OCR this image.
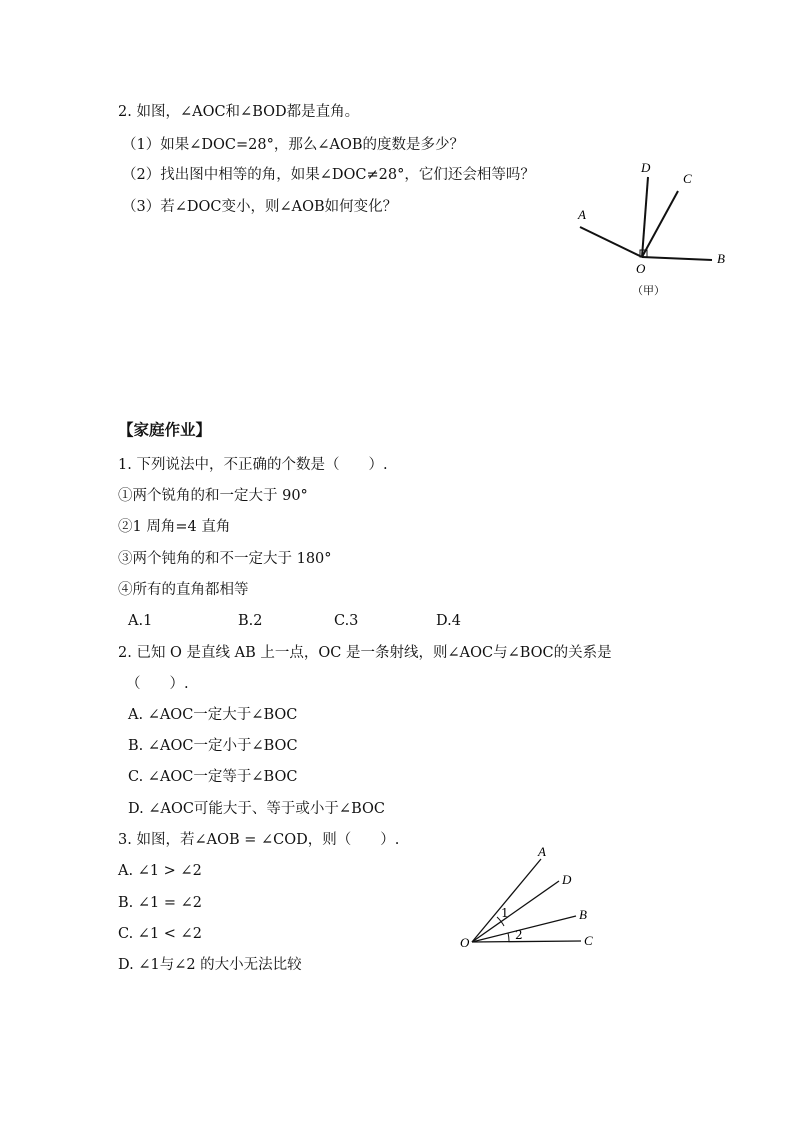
2. 如图，∠AOC和∠BOD都是直角。
（1）如果∠DOC=28°，那么∠AOB的度数是多少？
（2）找出图中相等的角，如果∠DOC≠28°，它们还会相等吗？
（3）若∠DOC变小，则∠AOB如何变化？
D
C
A
B
O
（甲）
【家庭作业】
1. 下列说法中，不正确的个数是（　　）.
①两个锐角的和一定大于 90°
②1 周角=4 直角
③两个钝角的和不一定大于 180°
④所有的直角都相等
A.1	B.2	C.3	D.4
2. 已知 O 是直线 AB 上一点，OC 是一条射线，则∠AOC与∠BOC的关系是
（　　）.
A. ∠AOC一定大于∠BOC
B. ∠AOC一定小于∠BOC
C. ∠AOC一定等于∠BOC
D. ∠AOC可能大于、等于或小于∠BOC
3. 如图，若∠AOB = ∠COD，则（　　）.
A. ∠1 > ∠2
B. ∠1 = ∠2
C. ∠1 < ∠2
D. ∠1与∠2 的大小无法比较
A
D
B
C
O
1
2
